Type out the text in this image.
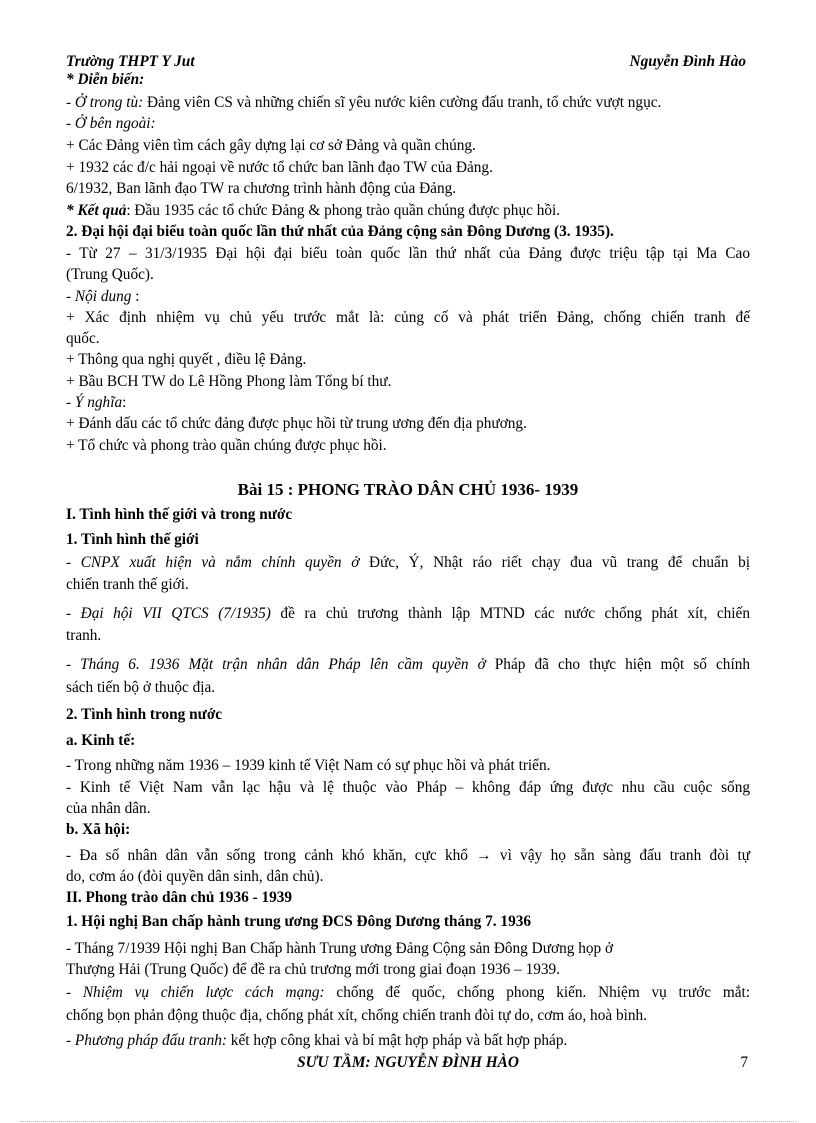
Trường THPT Y Jut	Nguyễn Đình Hào
* Diễn biến:
- Ở trong tù: Đảng viên CS và những chiến sĩ yêu nước kiên cường đấu tranh, tổ chức vượt ngục.
- Ở bên ngoài:
+ Các Đảng viên tìm cách gây dựng lại cơ sở Đảng và quần chúng.
+ 1932 các đ/c hải ngoại về nước tổ chức ban lãnh đạo TW của Đảng.
6/1932, Ban lãnh đạo TW ra chương trình hành động của Đảng.
* Kết quả: Đầu 1935 các tổ chức Đảng & phong trào quần chúng được phục hồi.
2. Đại hội đại biểu toàn quốc lần thứ nhất của Đảng cộng sản Đông Dương (3. 1935).
- Từ 27 – 31/3/1935 Đại hội đại biểu toàn quốc lần thứ nhất của Đảng được triệu tập tại Ma Cao
(Trung Quốc).
- Nội dung :
+ Xác định nhiệm vụ chủ yếu trước mắt là: củng cố và phát triển Đảng, chống chiến tranh đế
quốc.
+ Thông qua nghị quyết , điều lệ Đảng.
+ Bầu BCH TW do Lê Hồng Phong làm Tổng bí thư.
- Ý nghĩa:
+ Đánh dấu các tổ chức đảng được phục hồi từ trung ương đến địa phương.
+ Tổ chức và phong trào quần chúng được phục hồi.
Bài 15 : PHONG TRÀO DÂN CHỦ 1936- 1939
I. Tình hình thế giới và trong nước
1. Tình hình thế giới
- CNPX xuất hiện và nắm chính quyền ở Đức, Ý, Nhật ráo riết chạy đua vũ trang để chuẩn bị
chiến tranh thế giới.
- Đại hội VII QTCS (7/1935) đề ra chủ trương thành lập MTND các nước chống phát xít, chiến
tranh.
- Tháng 6. 1936 Mặt trận nhân dân Pháp lên cầm quyền ở Pháp đã cho thực hiện một số chính
sách tiến bộ ở thuộc địa.
2. Tình hình trong nước
a. Kinh tế:
- Trong những năm 1936 – 1939 kinh tế Việt Nam có sự phục hồi và phát triển.
- Kinh tế Việt Nam vẫn lạc hậu và lệ thuộc vào Pháp – không đáp ứng được nhu cầu cuộc sống
của nhân dân.
b. Xã hội:
- Đa số nhân dân vẫn sống trong cảnh khó khăn, cực khổ → vì vậy họ sẵn sàng đấu tranh đòi tự
do, cơm áo (đòi quyền dân sinh, dân chủ).
II. Phong trào dân chủ 1936 - 1939
1. Hội nghị Ban chấp hành trung ương ĐCS Đông Dương tháng 7. 1936
- Tháng 7/1939 Hội nghị Ban Chấp hành Trung ương Đảng Cộng sản Đông Dương họp ở
Thượng Hải (Trung Quốc) để đề ra chủ trương mới trong giai đoạn 1936 – 1939.
- Nhiệm vụ chiến lược cách mạng: chống đế quốc, chống phong kiến. Nhiệm vụ trước mắt:
chống bọn phản động thuộc địa, chống phát xít, chống chiến tranh đòi tự do, cơm áo, hoà bình.
- Phương pháp đấu tranh: kết hợp công khai và bí mật hợp pháp và bất hợp pháp.
SƯU TẦM: NGUYỄN ĐÌNH HÀO	7
